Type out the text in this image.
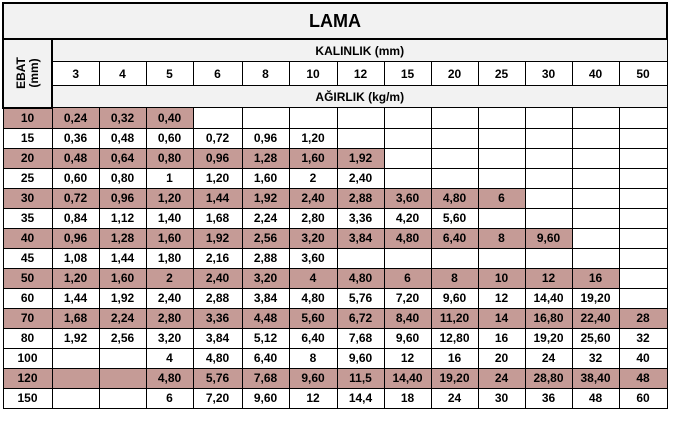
LAMA													
EBAT
(mm)	KALINLIK (mm)												
	3	4	5	6	8	10	12	15	20	25	30	40	50
	AĞIRLIK (kg/m)												
10	0,24	0,32	0,40										
15	0,36	0,48	0,60	0,72	0,96	1,20							
20	0,48	0,64	0,80	0,96	1,28	1,60	1,92						
25	0,60	0,80	1	1,20	1,60	2	2,40						
30	0,72	0,96	1,20	1,44	1,92	2,40	2,88	3,60	4,80	6			
35	0,84	1,12	1,40	1,68	2,24	2,80	3,36	4,20	5,60				
40	0,96	1,28	1,60	1,92	2,56	3,20	3,84	4,80	6,40	8	9,60		
45	1,08	1,44	1,80	2,16	2,88	3,60							
50	1,20	1,60	2	2,40	3,20	4	4,80	6	8	10	12	16	
60	1,44	1,92	2,40	2,88	3,84	4,80	5,76	7,20	9,60	12	14,40	19,20	
70	1,68	2,24	2,80	3,36	4,48	5,60	6,72	8,40	11,20	14	16,80	22,40	28
80	1,92	2,56	3,20	3,84	5,12	6,40	7,68	9,60	12,80	16	19,20	25,60	32
100			4	4,80	6,40	8	9,60	12	16	20	24	32	40
120			4,80	5,76	7,68	9,60	11,5	14,40	19,20	24	28,80	38,40	48
150			6	7,20	9,60	12	14,4	18	24	30	36	48	60
